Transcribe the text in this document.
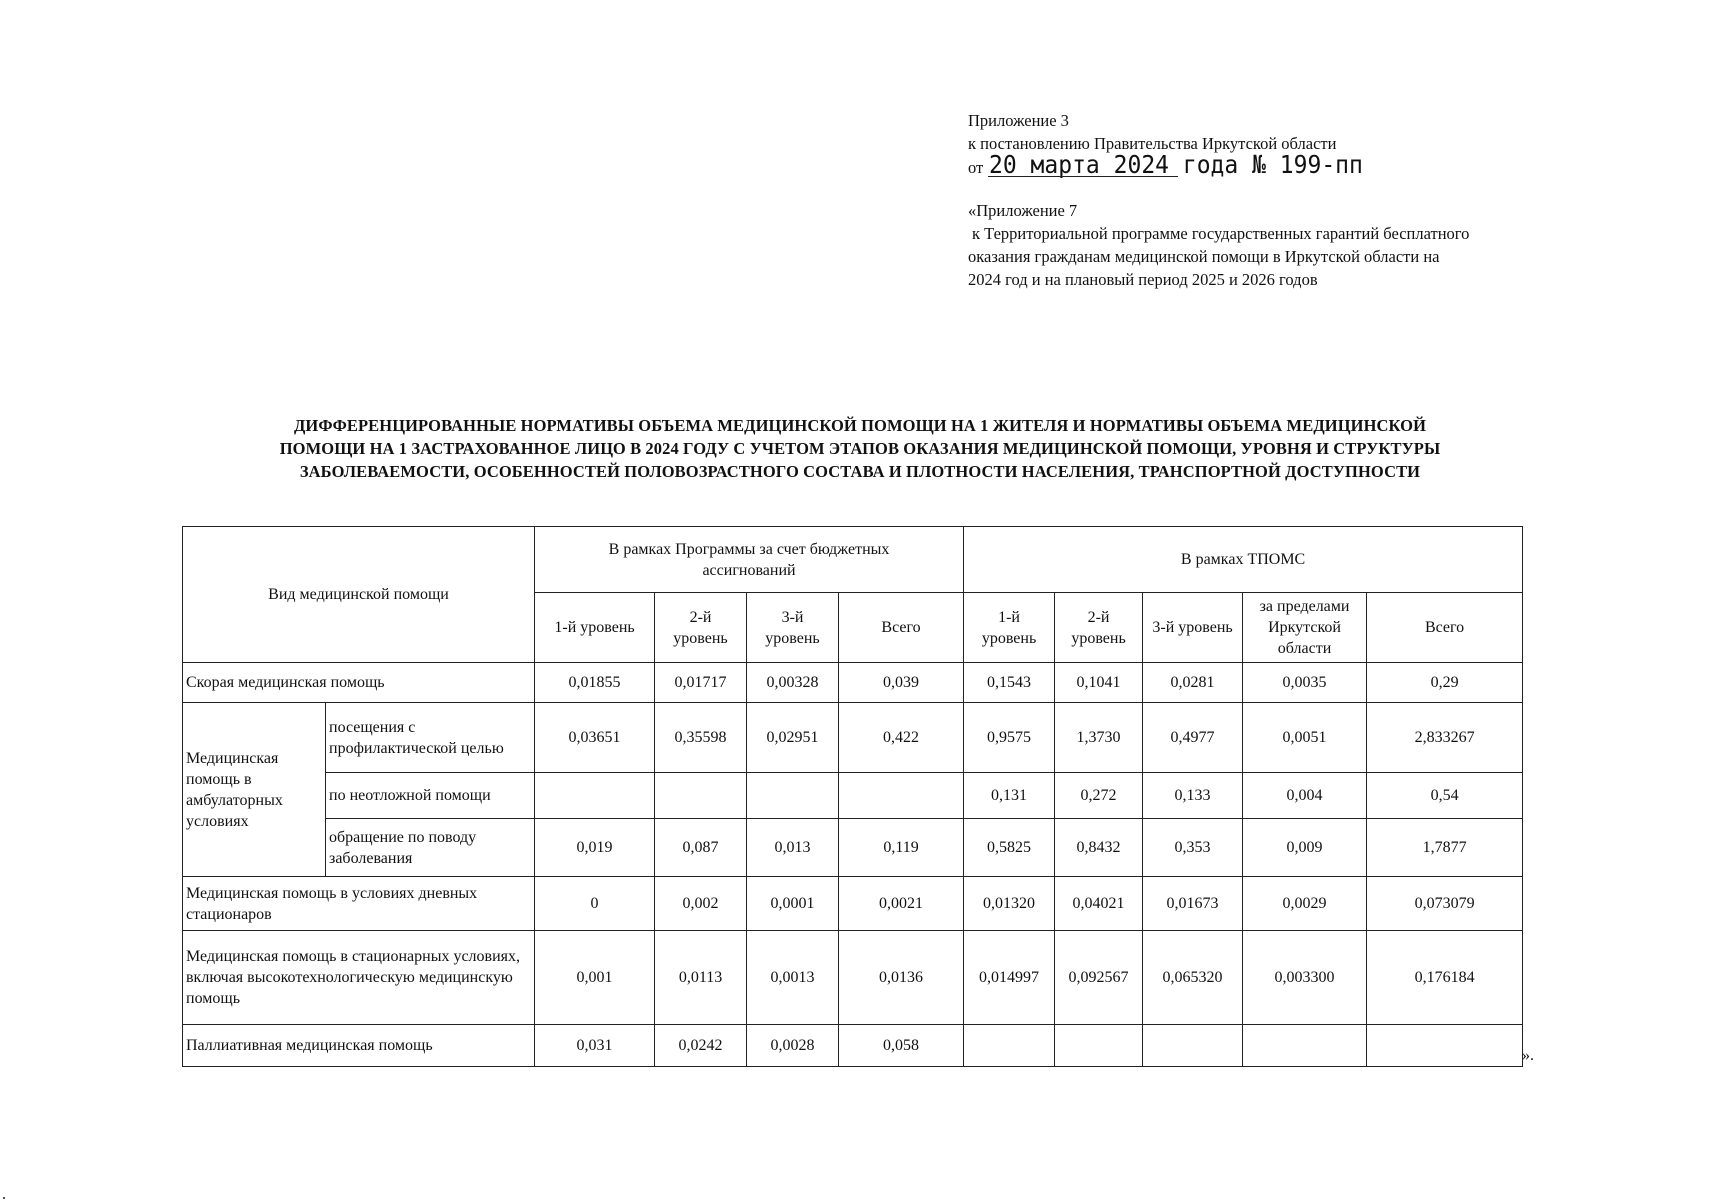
Приложение 3
к постановлению Правительства Иркутской области
от 20 марта 2024 года № 199-пп
«Приложение 7
к Территориальной программе государственных гарантий бесплатного
оказания гражданам медицинской помощи в Иркутской области на
2024 год и на плановый период 2025 и 2026 годов
ДИФФЕРЕНЦИРОВАННЫЕ НОРМАТИВЫ ОБЪЕМА МЕДИЦИНСКОЙ ПОМОЩИ НА 1 ЖИТЕЛЯ И НОРМАТИВЫ ОБЪЕМА МЕДИЦИНСКОЙ
ПОМОЩИ НА 1 ЗАСТРАХОВАННОЕ ЛИЦО В 2024 ГОДУ С УЧЕТОМ ЭТАПОВ ОКАЗАНИЯ МЕДИЦИНСКОЙ ПОМОЩИ, УРОВНЯ И СТРУКТУРЫ
ЗАБОЛЕВАЕМОСТИ, ОСОБЕННОСТЕЙ ПОЛОВОЗРАСТНОГО СОСТАВА И ПЛОТНОСТИ НАСЕЛЕНИЯ, ТРАНСПОРТНОЙ ДОСТУПНОСТИ
Вид медицинской помощи		В рамках Программы за счет бюджетных ассигнований				В рамках ТПОМС				
		1-й уровень	2-й уровень	3-й уровень	Всего	1-й уровень	2-й уровень	3-й уровень	за пределами Иркутской области	Всего
Скорая медицинская помощь		0,01855	0,01717	0,00328	0,039	0,1543	0,1041	0,0281	0,0035	0,29
Медицинская помощь в амбулаторных условиях	посещения с профилактической целью	0,03651	0,35598	0,02951	0,422	0,9575	1,3730	0,4977	0,0051	2,833267
	по неотложной помощи					0,131	0,272	0,133	0,004	0,54
	обращение по поводу заболевания	0,019	0,087	0,013	0,119	0,5825	0,8432	0,353	0,009	1,7877
Медицинская помощь в условиях дневных стационаров		0	0,002	0,0001	0,0021	0,01320	0,04021	0,01673	0,0029	0,073079
Медицинская помощь в стационарных условиях, включая высокотехнологическую медицинскую помощь		0,001	0,0113	0,0013	0,0136	0,014997	0,092567	0,065320	0,003300	0,176184
Паллиативная медицинская помощь		0,031	0,0242	0,0028	0,058					
».
